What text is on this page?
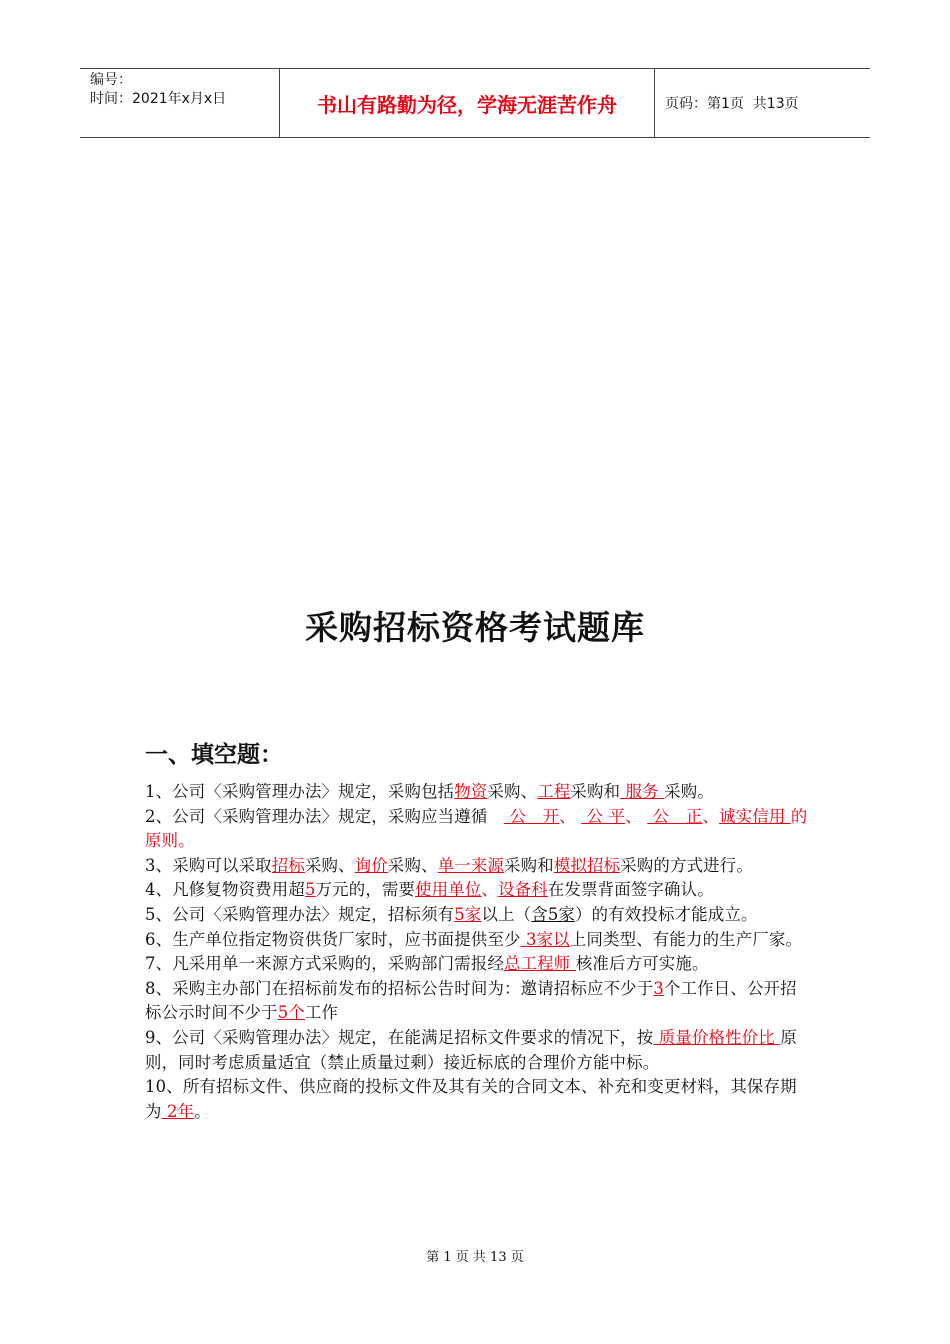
编号：
时间：2021年x月x日	书山有路勤为径，学海无涯苦作舟	页码：第1页  共13页
采购招标资格考试题库
一、填空题：

1、公司〈采购管理办法〉规定，采购包括物资采购、工程采购和 服务 采购。

2、公司〈采购管理办法〉规定，采购应当遵循　 公　开、  公 平、  公　正、诚实信用 的原则。

3、采购可以采取招标采购、询价采购、单一来源采购和模拟招标采购的方式进行。

4、凡修复物资费用超5万元的，需要使用单位、设备科在发票背面签字确认。

5、公司〈采购管理办法〉规定，招标须有5家以上（含5家）的有效投标才能成立。

6、生产单位指定物资供货厂家时，应书面提供至少 3家以上同类型、有能力的生产厂家。

7、凡采用单一来源方式采购的，采购部门需报经总工程师 核准后方可实施。

8、采购主办部门在招标前发布的招标公告时间为：邀请招标应不少于3个工作日、公开招标公示时间不少于5个工作

9、公司〈采购管理办法〉规定，在能满足招标文件要求的情况下，按 质量价格性价比 原则，同时考虑质量适宜（禁止质量过剩）接近标底的合理价方能中标。

10、所有招标文件、供应商的投标文件及其有关的合同文本、补充和变更材料，其保存期为 2年。

第 1 页 共 13 页
